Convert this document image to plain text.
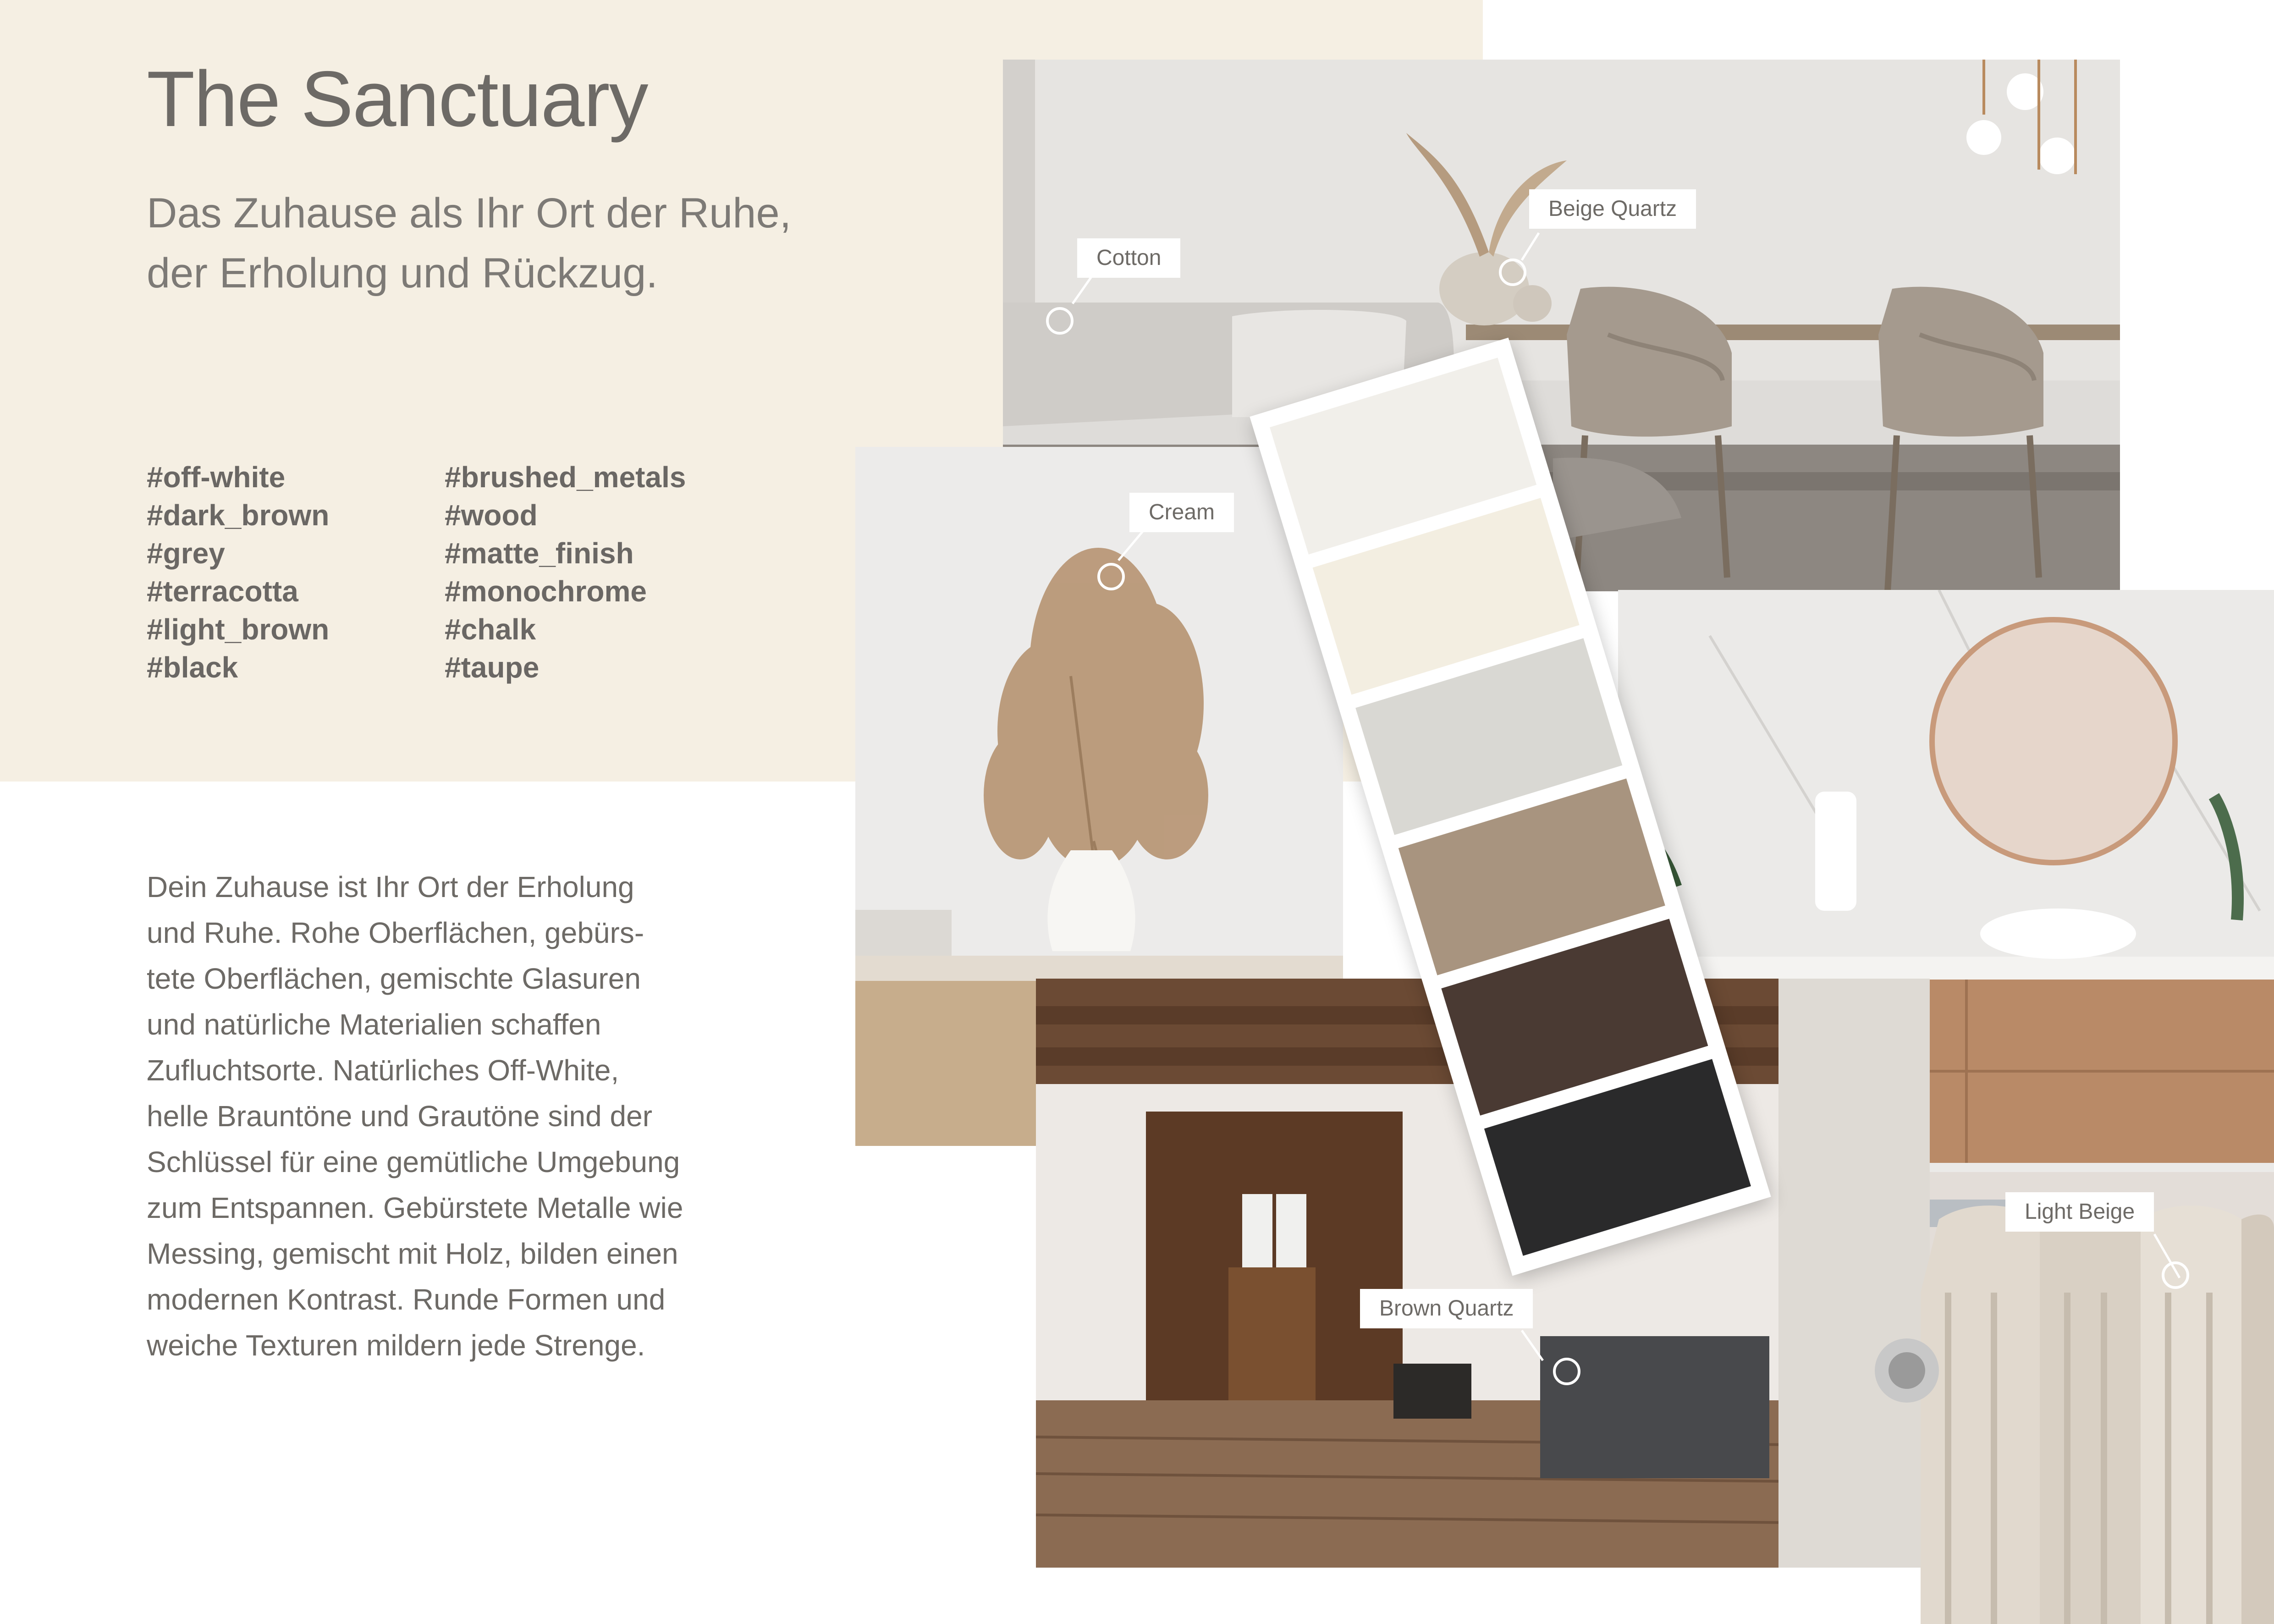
The Sanctuary
Das Zuhause als Ihr Ort der Ruhe,
der Erholung und Rückzug.
#off-white
#dark_brown
#grey
#terracotta
#light_brown
#black
#brushed_metals
#wood
#matte_finish
#monochrome
#chalk
#taupe
Dein Zuhause ist Ihr Ort der Erholung
und Ruhe. Rohe Oberflächen, gebürs-
tete Oberflächen, gemischte Glasuren
und natürliche Materialien schaffen
Zufluchtsorte. Natürliches Off-White,
helle Brauntöne und Grautöne sind der
Schlüssel für eine gemütliche Umgebung
zum Entspannen. Gebürstete Metalle wie
Messing, gemischt mit Holz, bilden einen
modernen Kontrast. Runde Formen und
weiche Texturen mildern jede Strenge.
Cotton
Beige Quartz
Cream
Light Beige
Brown Quartz
